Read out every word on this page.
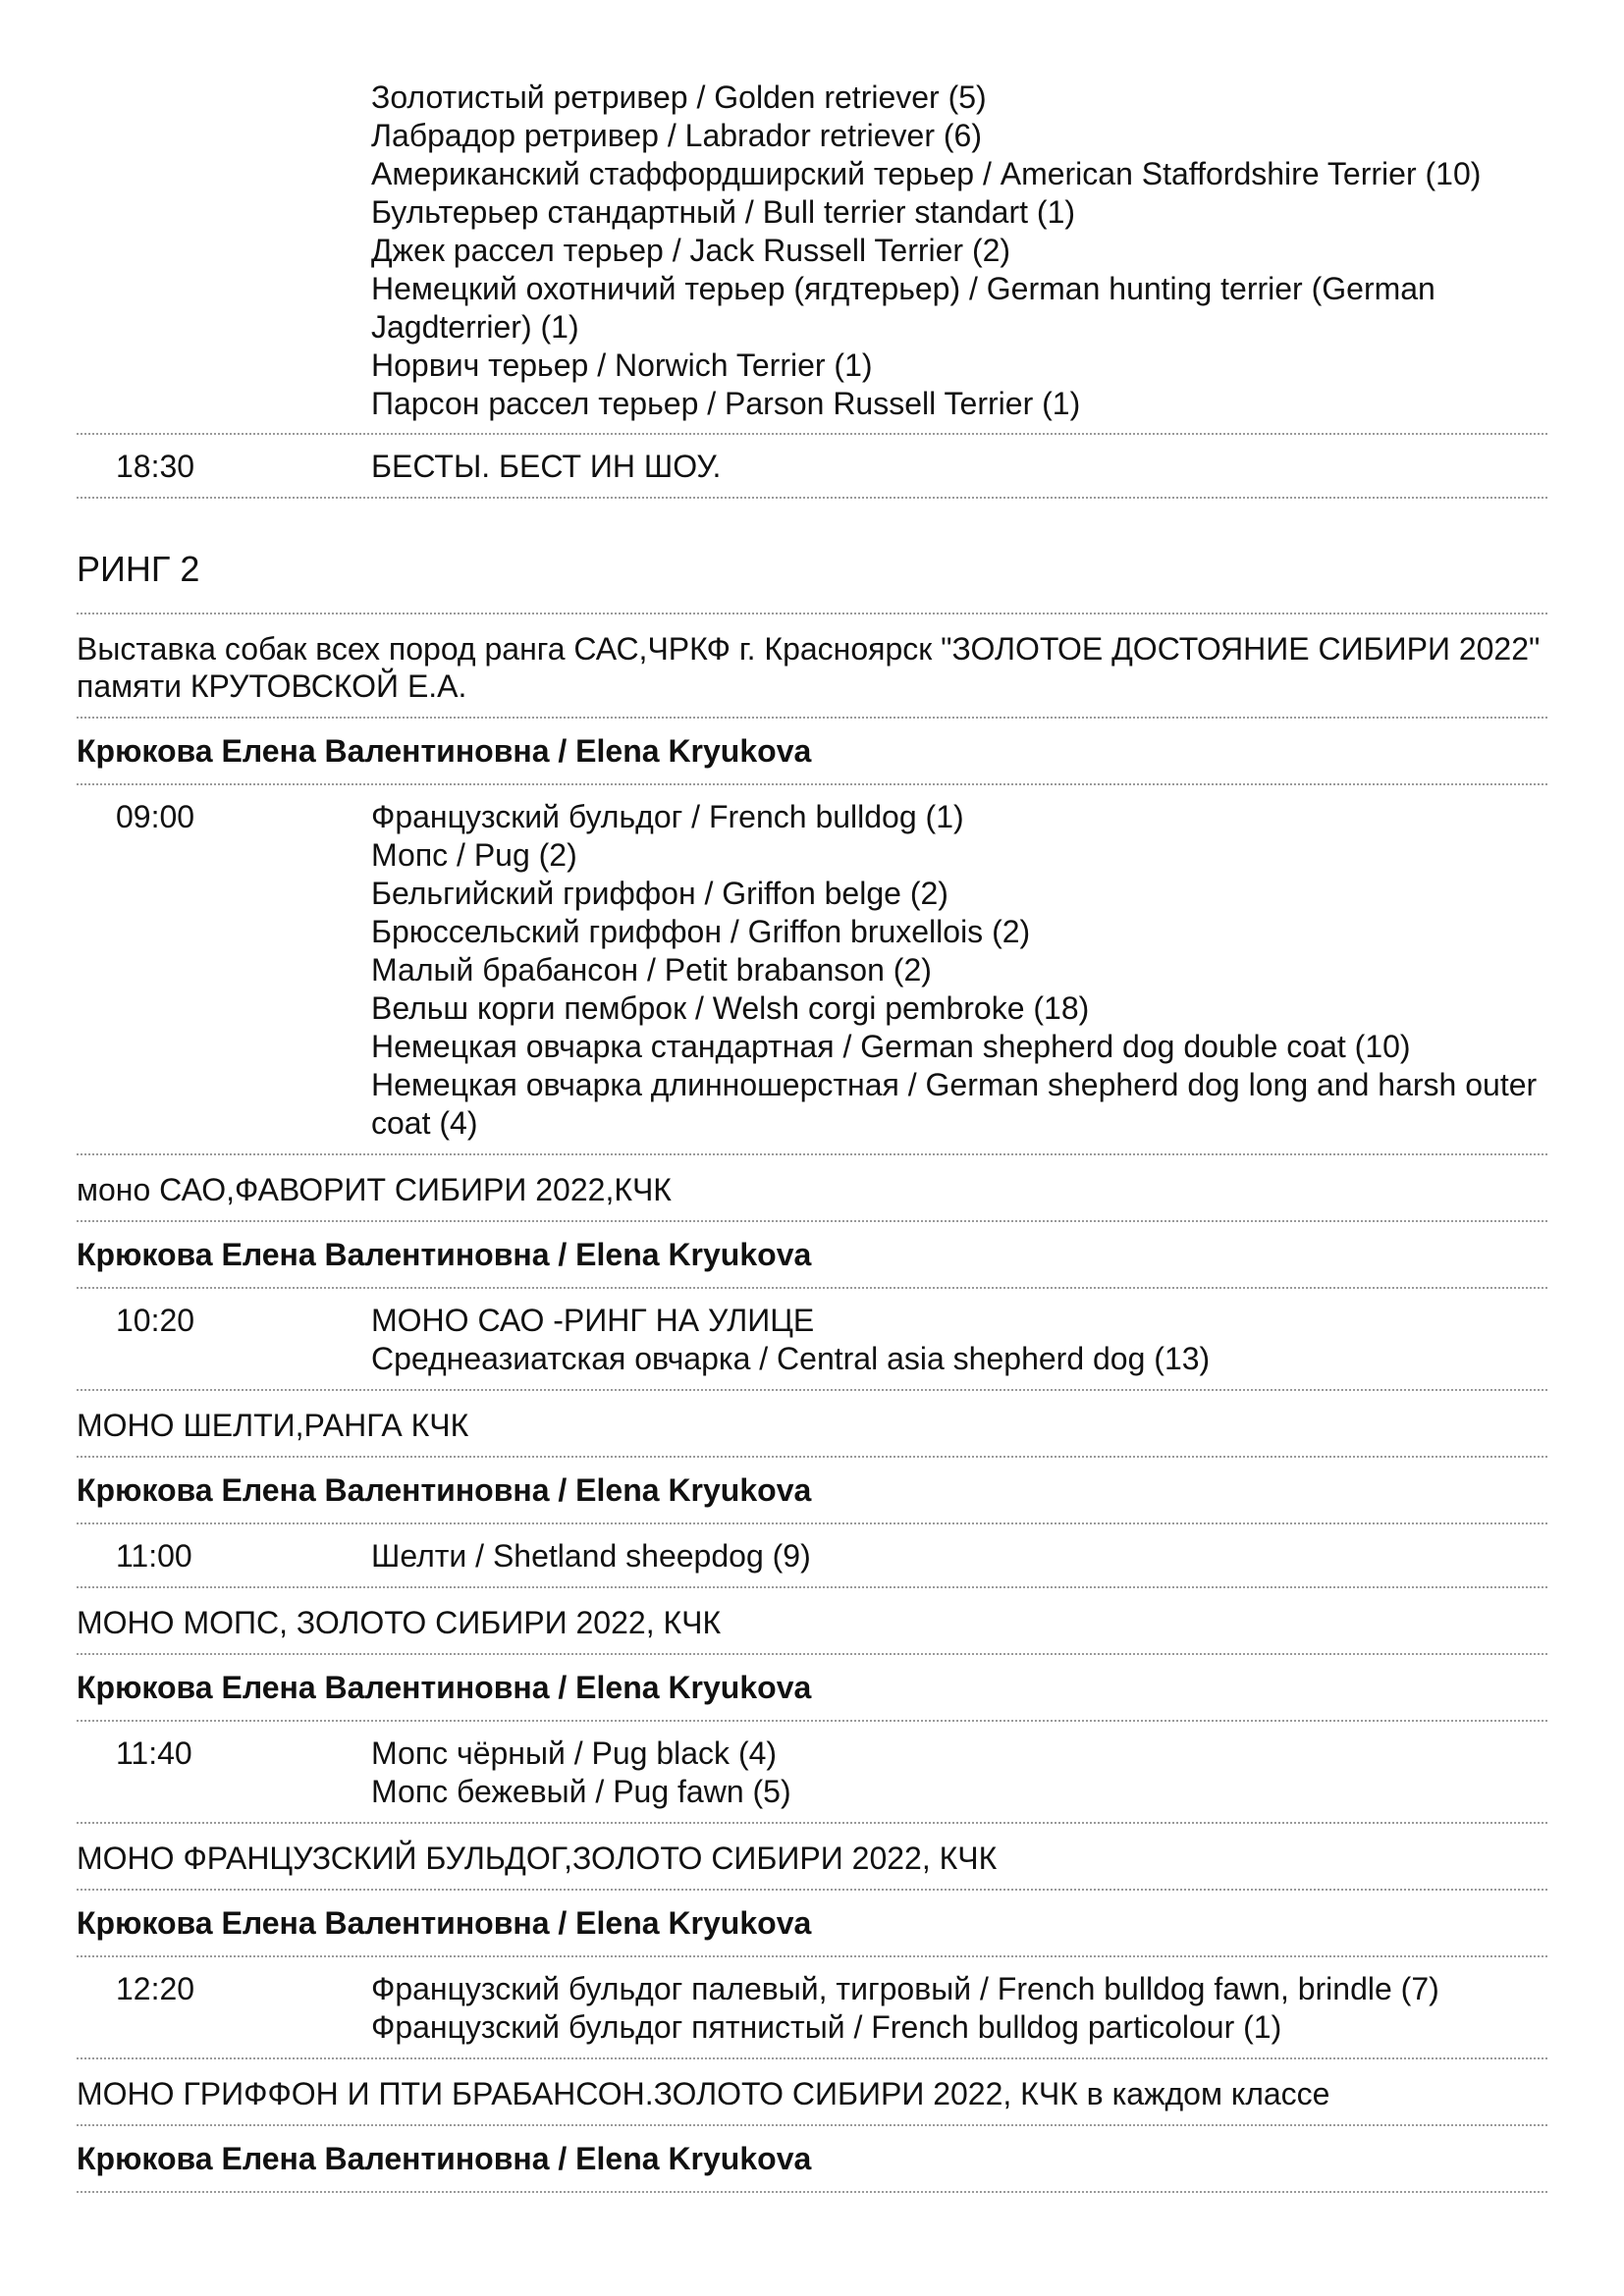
Золотистый ретривер / Golden retriever (5)
Лабрадор ретривер / Labrador retriever (6)
Американский стаффордширский терьер / American Staffordshire Terrier (10)
Бультерьер стандартный / Bull terrier standart (1)
Джек рассел терьер / Jack Russell Terrier (2)
Немецкий охотничий терьер (ягдтерьер) / German hunting terrier (German Jagdterrier) (1)
Норвич терьер / Norwich Terrier (1)
Парсон рассел терьер / Parson Russell Terrier (1)
18:30	БЕСТЫ. БЕСТ ИН ШОУ.
РИНГ 2
Выставка собак всех пород ранга САС,ЧРКФ г. Красноярск "ЗОЛОТОЕ ДОСТОЯНИЕ СИБИРИ 2022" памяти КРУТОВСКОЙ Е.А.
Крюкова Елена Валентиновна / Elena Kryukova
09:00	Французский бульдог / French bulldog (1)
Мопс / Pug (2)
Бельгийский гриффон / Griffon belge (2)
Брюссельский гриффон / Griffon bruxellois (2)
Малый брабансон / Petit brabanson (2)
Вельш корги пемброк / Welsh corgi pembroke (18)
Немецкая овчарка стандартная / German shepherd dog double coat (10)
Немецкая овчарка длинношерстная / German shepherd dog long and harsh outer coat (4)
моно САО,ФАВОРИТ СИБИРИ 2022,КЧК
Крюкова Елена Валентиновна / Elena Kryukova
10:20	МОНО САО -РИНГ НА УЛИЦЕ
Среднеазиатская овчарка / Central asia shepherd dog (13)
МОНО ШЕЛТИ,РАНГА КЧК
Крюкова Елена Валентиновна / Elena Kryukova
11:00	Шелти / Shetland sheepdog (9)
МОНО МОПС, ЗОЛОТО СИБИРИ 2022, КЧК
Крюкова Елена Валентиновна / Elena Kryukova
11:40	Мопс чёрный / Pug black (4)
Мопс бежевый / Pug fawn (5)
МОНО ФРАНЦУЗСКИЙ БУЛЬДОГ,ЗОЛОТО СИБИРИ 2022, КЧК
Крюкова Елена Валентиновна / Elena Kryukova
12:20	Французский бульдог палевый, тигровый / French bulldog fawn, brindle (7)
Французский бульдог пятнистый / French bulldog particolour (1)
МОНО ГРИФФОН И ПТИ БРАБАНСОН.ЗОЛОТО СИБИРИ 2022, КЧК в каждом классе
Крюкова Елена Валентиновна / Elena Kryukova
